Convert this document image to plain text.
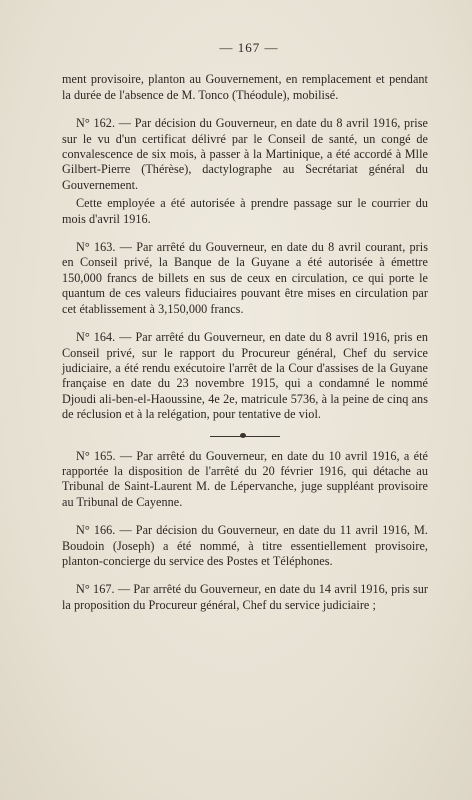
— 167 —

ment provisoire, planton au Gouvernement, en remplacement et pendant la durée de l'absence de M. Tonco (Théodule), mobilisé.

N° 162. — Par décision du Gouverneur, en date du 8 avril 1916, prise sur le vu d'un certificat délivré par le Conseil de santé, un congé de convalescence de six mois, à passer à la Martinique, a été accordé à Mlle Gilbert-Pierre (Thérèse), dactylographe au Secrétariat général du Gouvernement.

Cette employée a été autorisée à prendre passage sur le courrier du mois d'avril 1916.

N° 163. — Par arrêté du Gouverneur, en date du 8 avril courant, pris en Conseil privé, la Banque de la Guyane a été autorisée à émettre 150,000 francs de billets en sus de ceux en circulation, ce qui porte le quantum de ces valeurs fiduciaires pouvant être mises en circulation par cet établissement à 3,150,000 francs.

N° 164. — Par arrêté du Gouverneur, en date du 8 avril 1916, pris en Conseil privé, sur le rapport du Procureur général, Chef du service judiciaire, a été rendu exécutoire l'arrêt de la Cour d'assises de la Guyane française en date du 23 novembre 1915, qui a condamné le nommé Djoudi ali-ben-el-Haoussine, 4e 2e, matricule 5736, à la peine de cinq ans de réclusion et à la relégation, pour tentative de viol.

N° 165. — Par arrêté du Gouverneur, en date du 10 avril 1916, a été rapportée la disposition de l'arrêté du 20 février 1916, qui détache au Tribunal de Saint-Laurent M. de Lépervanche, juge suppléant provisoire au Tribunal de Cayenne.

N° 166. — Par décision du Gouverneur, en date du 11 avril 1916, M. Boudoin (Joseph) a été nommé, à titre essentiellement provisoire, planton-concierge du service des Postes et Téléphones.

N° 167. — Par arrêté du Gouverneur, en date du 14 avril 1916, pris sur la proposition du Procureur général, Chef du service judiciaire ;
